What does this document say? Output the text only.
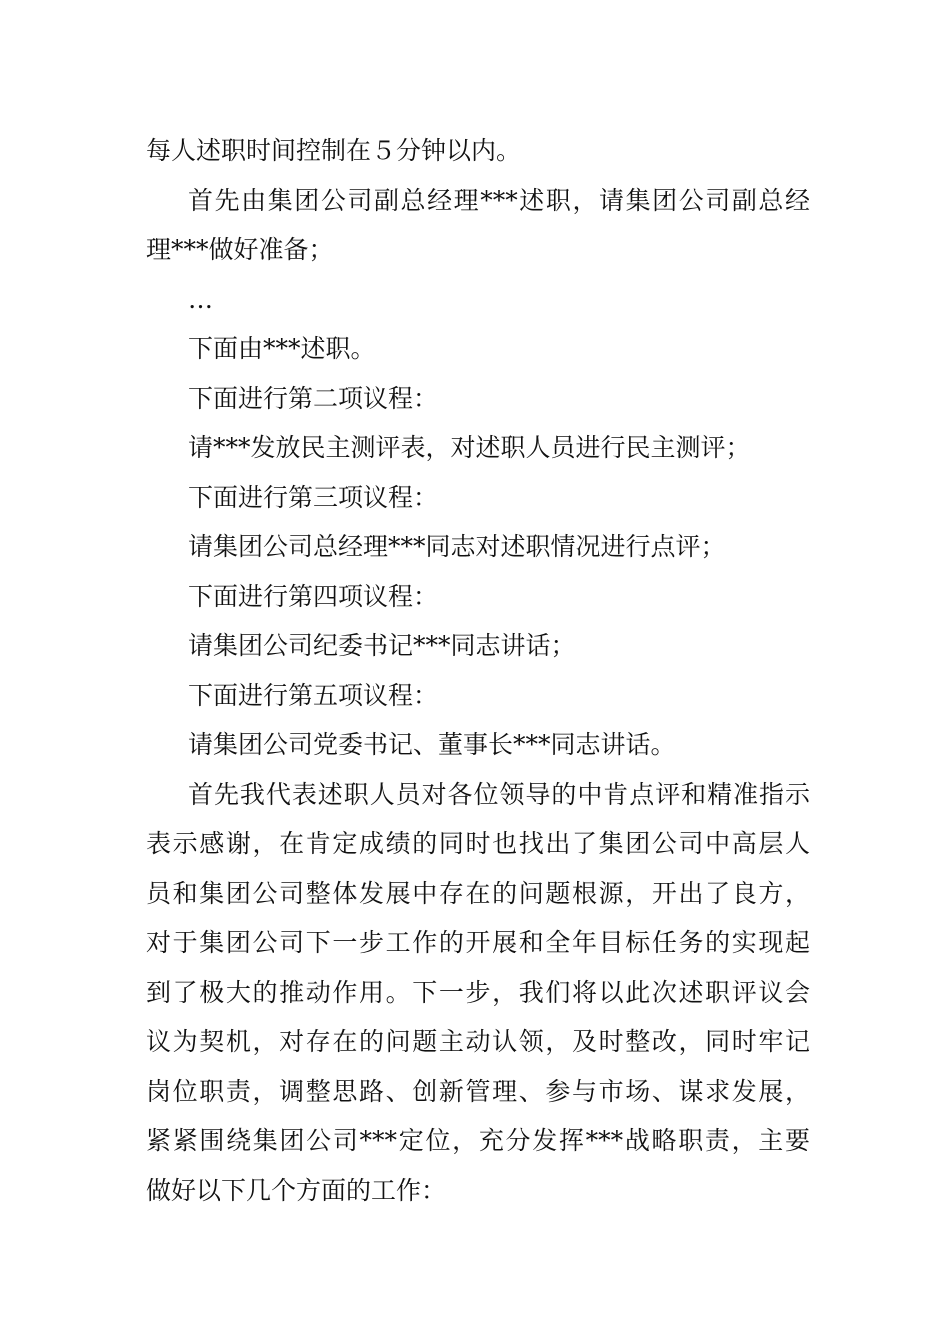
每人述职时间控制在５分钟以内。
首先由集团公司副总经理***述职，请集团公司副总经
理***做好准备；
…
下面由***述职。
下面进行第二项议程：
请***发放民主测评表，对述职人员进行民主测评；
下面进行第三项议程：
请集团公司总经理***同志对述职情况进行点评；
下面进行第四项议程：
请集团公司纪委书记***同志讲话；
下面进行第五项议程：
请集团公司党委书记、董事长***同志讲话。
首先我代表述职人员对各位领导的中肯点评和精准指示
表示感谢，在肯定成绩的同时也找出了集团公司中高层人
员和集团公司整体发展中存在的问题根源，开出了良方，
对于集团公司下一步工作的开展和全年目标任务的实现起
到了极大的推动作用。下一步，我们将以此次述职评议会
议为契机，对存在的问题主动认领，及时整改，同时牢记
岗位职责，调整思路、创新管理、参与市场、谋求发展，
紧紧围绕集团公司***定位，充分发挥***战略职责，主要
做好以下几个方面的工作：
